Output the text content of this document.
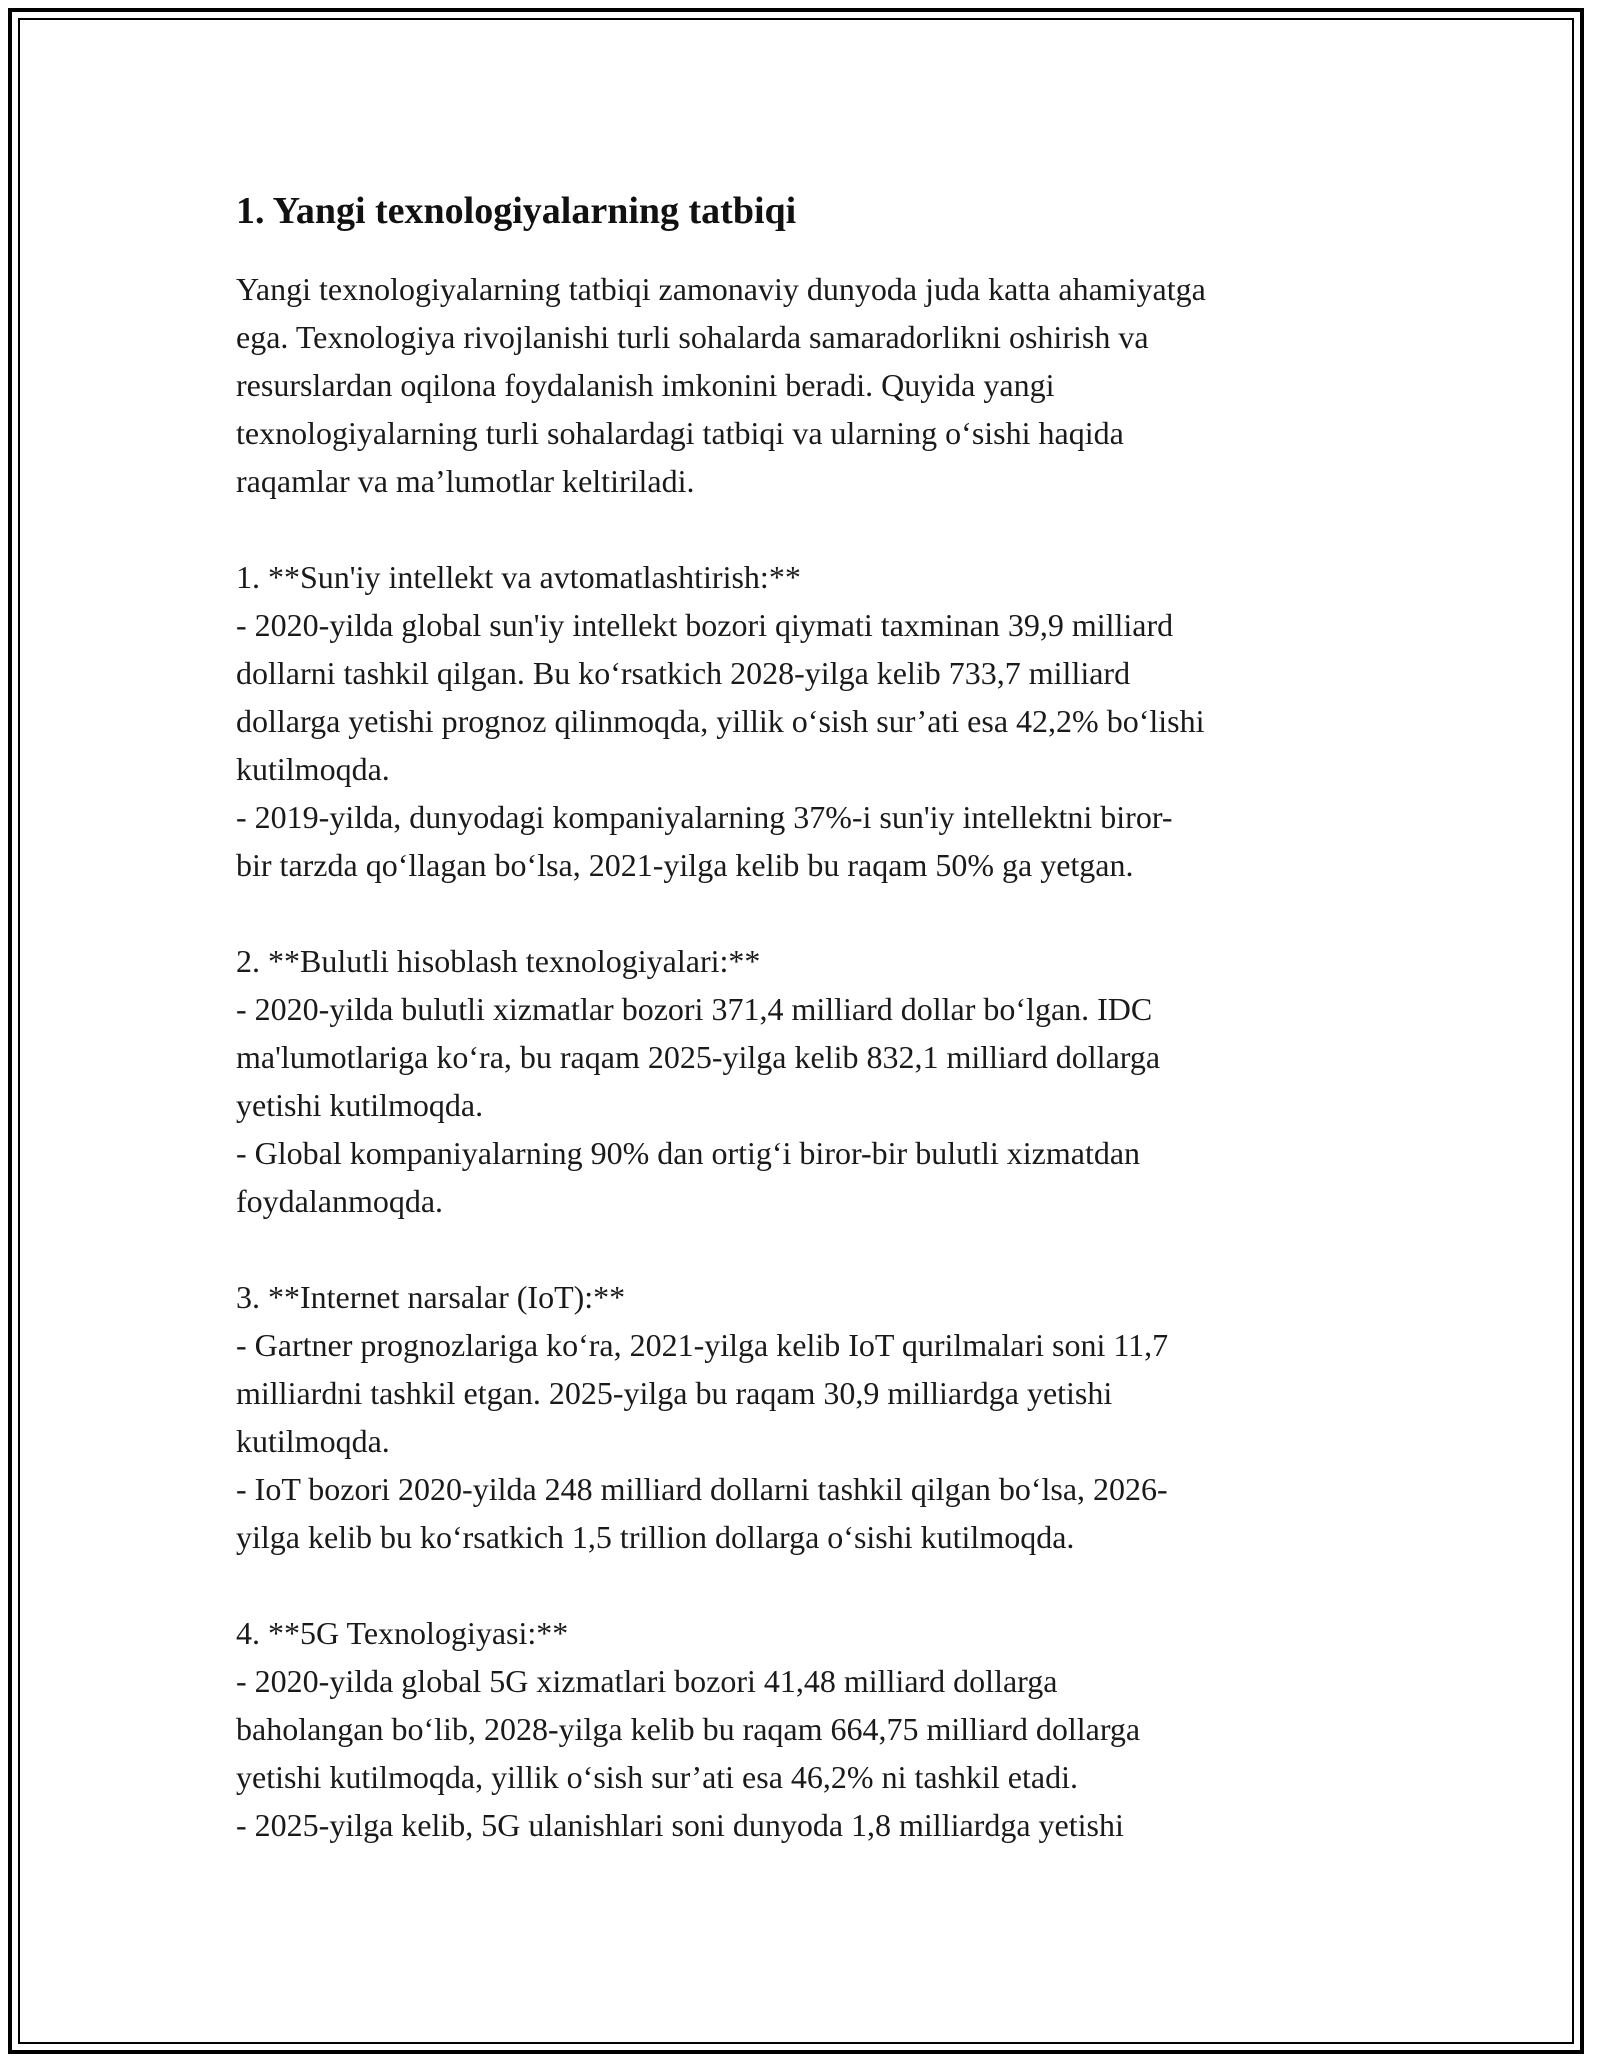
1. Yangi texnologiyalarning tatbiqi

Yangi texnologiyalarning tatbiqi zamonaviy dunyoda juda katta ahamiyatga
ega. Texnologiya rivojlanishi turli sohalarda samaradorlikni oshirish va
resurslardan oqilona foydalanish imkonini beradi. Quyida yangi
texnologiyalarning turli sohalardagi tatbiqi va ularning oʻsishi haqida
raqamlar va ma’lumotlar keltiriladi.

1. **Sun'iy intellekt va avtomatlashtirish:**

- 2020-yilda global sun'iy intellekt bozori qiymati taxminan 39,9 milliard
dollarni tashkil qilgan. Bu koʻrsatkich 2028-yilga kelib 733,7 milliard
dollarga yetishi prognoz qilinmoqda, yillik oʻsish sur’ati esa 42,2% boʻlishi
kutilmoqda.

- 2019-yilda, dunyodagi kompaniyalarning 37%-i sun'iy intellektni biror-
bir tarzda qoʻllagan boʻlsa, 2021-yilga kelib bu raqam 50% ga yetgan.

2. **Bulutli hisoblash texnologiyalari:**

- 2020-yilda bulutli xizmatlar bozori 371,4 milliard dollar boʻlgan. IDC
ma'lumotlariga koʻra, bu raqam 2025-yilga kelib 832,1 milliard dollarga
yetishi kutilmoqda.

- Global kompaniyalarning 90% dan ortigʻi biror-bir bulutli xizmatdan
foydalanmoqda.

3. **Internet narsalar (IoT):**

- Gartner prognozlariga koʻra, 2021-yilga kelib IoT qurilmalari soni 11,7
milliardni tashkil etgan. 2025-yilga bu raqam 30,9 milliardga yetishi
kutilmoqda.

- IoT bozori 2020-yilda 248 milliard dollarni tashkil qilgan boʻlsa, 2026-
yilga kelib bu koʻrsatkich 1,5 trillion dollarga oʻsishi kutilmoqda.

4. **5G Texnologiyasi:**

- 2020-yilda global 5G xizmatlari bozori 41,48 milliard dollarga
baholangan boʻlib, 2028-yilga kelib bu raqam 664,75 milliard dollarga
yetishi kutilmoqda, yillik oʻsish sur’ati esa 46,2% ni tashkil etadi.

- 2025-yilga kelib, 5G ulanishlari soni dunyoda 1,8 milliardga yetishi
